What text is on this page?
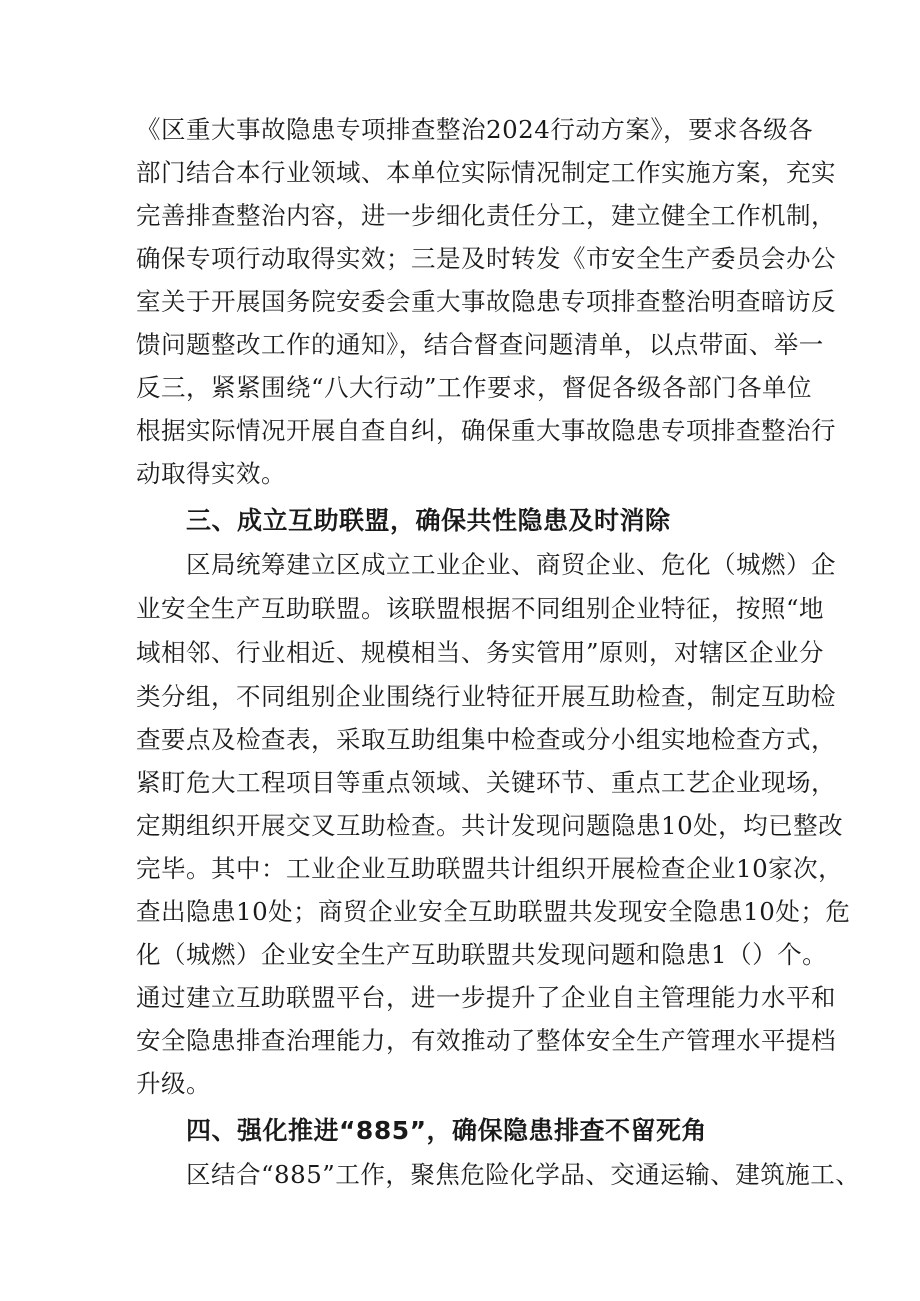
《区重大事故隐患专项排查整治2024行动方案》，要求各级各
部门结合本行业领域、本单位实际情况制定工作实施方案，充实
完善排查整治内容，进一步细化责任分工，建立健全工作机制，
确保专项行动取得实效；三是及时转发《市安全生产委员会办公
室关于开展国务院安委会重大事故隐患专项排查整治明查暗访反
馈问题整改工作的通知》，结合督查问题清单，以点带面、举一
反三，紧紧围绕“八大行动”工作要求，督促各级各部门各单位
根据实际情况开展自查自纠，确保重大事故隐患专项排查整治行
动取得实效。
三、成立互助联盟，确保共性隐患及时消除
区局统筹建立区成立工业企业、商贸企业、危化（城燃）企
业安全生产互助联盟。该联盟根据不同组别企业特征，按照“地
域相邻、行业相近、规模相当、务实管用”原则，对辖区企业分
类分组，不同组别企业围绕行业特征开展互助检查，制定互助检
查要点及检查表，采取互助组集中检查或分小组实地检查方式，
紧盯危大工程项目等重点领域、关键环节、重点工艺企业现场，
定期组织开展交叉互助检查。共计发现问题隐患10处，均已整改
完毕。其中：工业企业互助联盟共计组织开展检查企业10家次，
查出隐患10处；商贸企业安全互助联盟共发现安全隐患10处；危
化（城燃）企业安全生产互助联盟共发现问题和隐患1（）个。
通过建立互助联盟平台，进一步提升了企业自主管理能力水平和
安全隐患排查治理能力，有效推动了整体安全生产管理水平提档
升级。
四、强化推进“885”，确保隐患排查不留死角
区结合“885”工作，聚焦危险化学品、交通运输、建筑施工、
